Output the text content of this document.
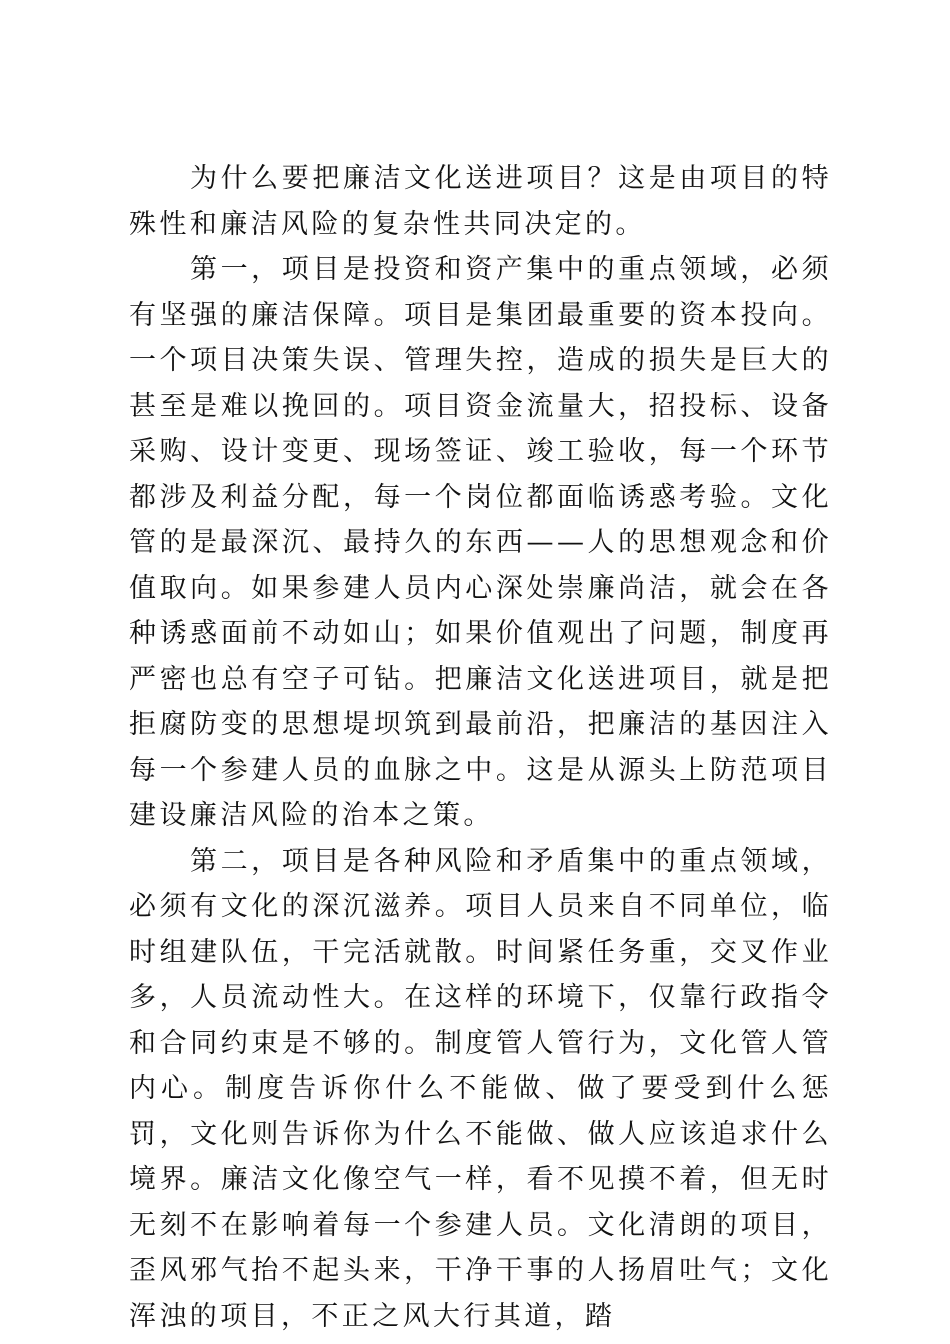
为什么要把廉洁文化送进项目？这是由项目的特殊性和廉洁风险的复杂性共同决定的。

第一，项目是投资和资产集中的重点领域，必须有坚强的廉洁保障。项目是集团最重要的资本投向。一个项目决策失误、管理失控，造成的损失是巨大的甚至是难以挽回的。项目资金流量大，招投标、设备采购、设计变更、现场签证、竣工验收，每一个环节都涉及利益分配，每一个岗位都面临诱惑考验。文化管的是最深沉、最持久的东西——人的思想观念和价值取向。如果参建人员内心深处崇廉尚洁，就会在各种诱惑面前不动如山；如果价值观出了问题，制度再严密也总有空子可钻。把廉洁文化送进项目，就是把拒腐防变的思想堤坝筑到最前沿，把廉洁的基因注入每一个参建人员的血脉之中。这是从源头上防范项目建设廉洁风险的治本之策。

第二，项目是各种风险和矛盾集中的重点领域，必须有文化的深沉滋养。项目人员来自不同单位，临时组建队伍，干完活就散。时间紧任务重，交叉作业多，人员流动性大。在这样的环境下，仅靠行政指令和合同约束是不够的。制度管人管行为，文化管人管内心。制度告诉你什么不能做、做了要受到什么惩罚，文化则告诉你为什么不能做、做人应该追求什么境界。廉洁文化像空气一样，看不见摸不着，但无时无刻不在影响着每一个参建人员。文化清朗的项目，歪风邪气抬不起头来，干净干事的人扬眉吐气；文化浑浊的项目，不正之风大行其道，踏
